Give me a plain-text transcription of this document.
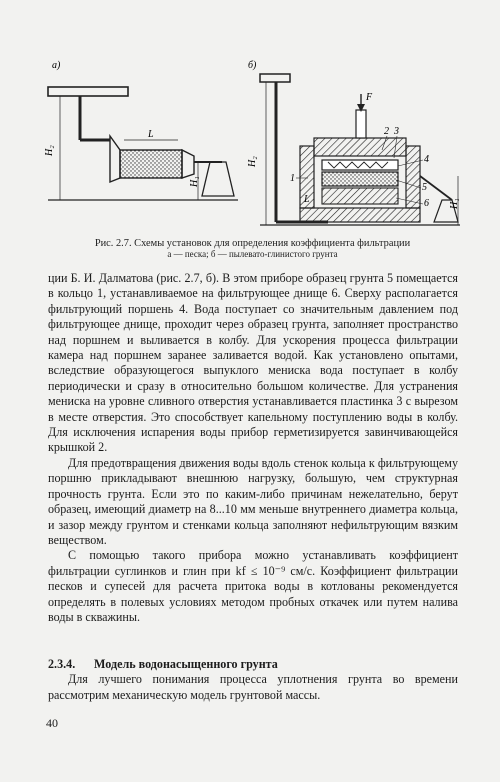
а)
L
H₂
H₁
б)
H₂
F
L	H₁
2 3
1
4
5
6
Рис. 2.7. Схемы установок для определения коэффициента фильтрации
а — песка; б — пылевато-глинистого грунта

ции Б. И. Далматова (рис. 2.7, б). В этом приборе образец грунта 5 помещается в кольцо 1, устанавливаемое на фильтрующее днище 6. Сверху располагается фильтрующий поршень 4. Вода поступает со значительным давлением под фильтрующее днище, проходит через образец грунта, заполняет пространство над поршнем и выливается в колбу. Для ускорения процесса фильтрации камера над поршнем заранее заливается водой. Как установлено опытами, вследствие образующегося выпуклого мениска вода поступает в колбу периодически и сразу в относительно большом количестве. Для устранения мениска на уровне сливного отверстия устанавливается пластинка 3 с вырезом в месте отверстия. Это способствует капельному поступлению воды в колбу. Для исключения испарения воды прибор герметизируется завинчивающейся крышкой 2.

Для предотвращения движения воды вдоль стенок кольца к фильтрующему поршню прикладывают внешнюю нагрузку, большую, чем структурная прочность грунта. Если это по каким-либо причинам нежелательно, берут образец, имеющий диаметр на 8...10 мм меньше внутреннего диаметра кольца, и зазор между грунтом и стенками кольца заполняют нефильтрующим вязким веществом.

С помощью такого прибора можно устанавливать коэффициент фильтрации суглинков и глин при kf ≤ 10⁻⁹ см/с. Коэффициент фильтрации песков и супесей для расчета притока воды в котлованы рекомендуется определять в полевых условиях методом пробных откачек или путем налива воды в скважины.

2.3.4. Модель водонасыщенного грунта

Для лучшего понимания процесса уплотнения грунта во времени рассмотрим механическую модель грунтовой массы.

40
